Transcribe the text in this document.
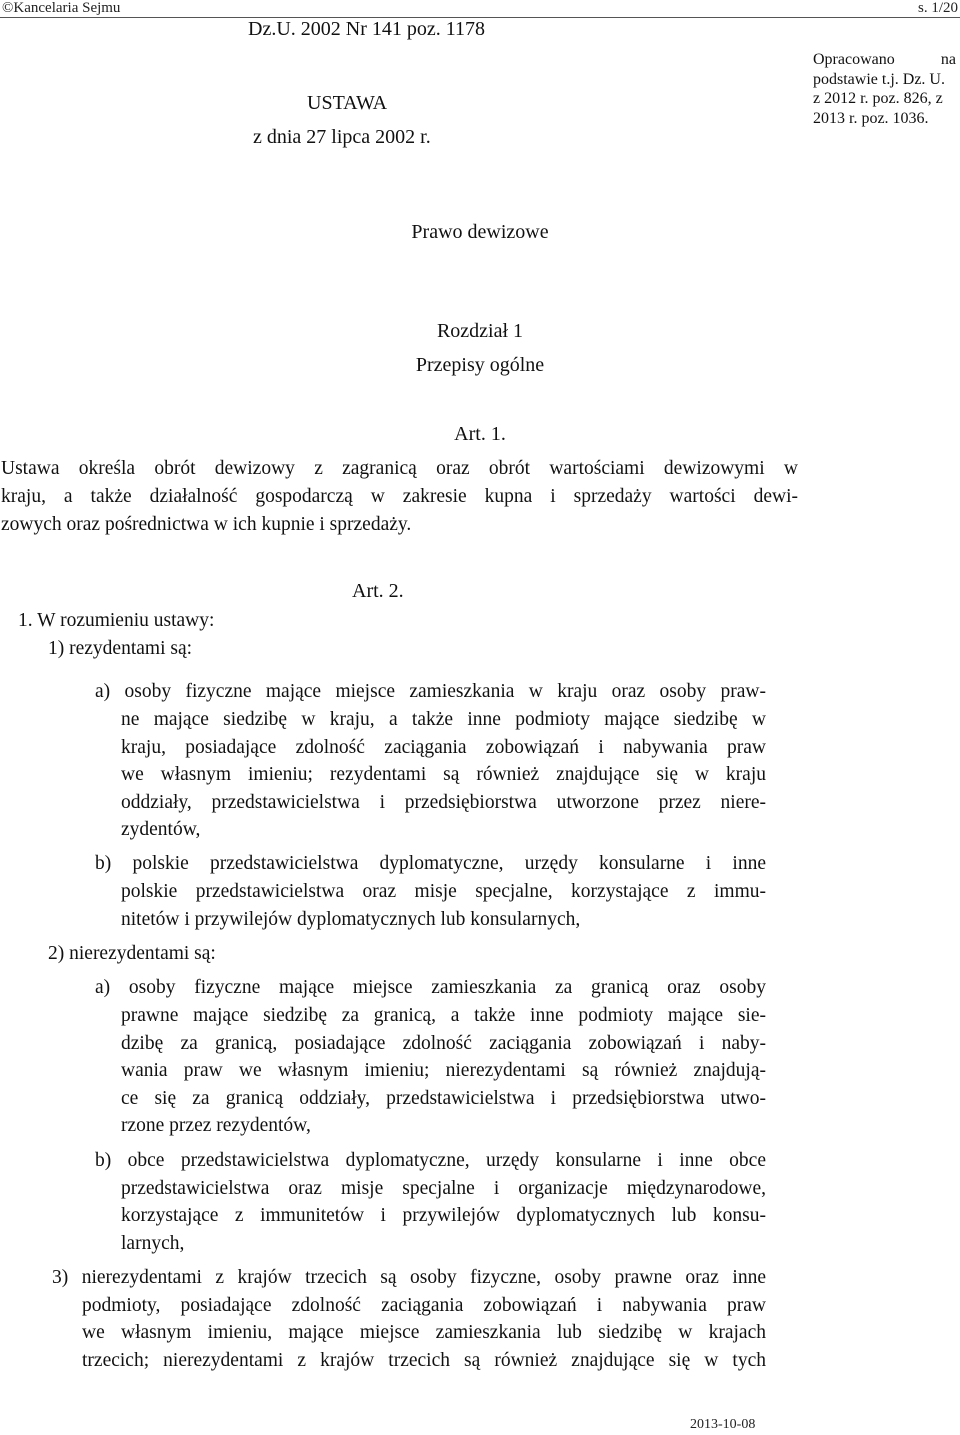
©Kancelaria Sejmu	s. 1/20
Dz.U. 2002 Nr 141 poz. 1178
USTAWA
z dnia 27 lipca 2002 r.
Opracowano na
podstawie t.j. Dz. U.
z 2012 r. poz. 826, z
2013 r. poz. 1036.
Prawo dewizowe
Rozdział 1
Przepisy ogólne
Art. 1.
Ustawa określa obrót dewizowy z zagranicą oraz obrót wartościami dewizowymi w
kraju, a także działalność gospodarczą w zakresie kupna i sprzedaży wartości dewi-
zowych oraz pośrednictwa w ich kupnie i sprzedaży.
Art. 2.
1. W rozumieniu ustawy:
1) rezydentami są:
a) osoby fizyczne mające miejsce zamieszkania w kraju oraz osoby praw-
ne mające siedzibę w kraju, a także inne podmioty mające siedzibę w
kraju, posiadające zdolność zaciągania zobowiązań i nabywania praw
we własnym imieniu; rezydentami są również znajdujące się w kraju
oddziały, przedstawicielstwa i przedsiębiorstwa utworzone przez niere-
zydentów,
b) polskie przedstawicielstwa dyplomatyczne, urzędy konsularne i inne
polskie przedstawicielstwa oraz misje specjalne, korzystające z immu-
nitetów i przywilejów dyplomatycznych lub konsularnych,
2) nierezydentami są:
a) osoby fizyczne mające miejsce zamieszkania za granicą oraz osoby
prawne mające siedzibę za granicą, a także inne podmioty mające sie-
dzibę za granicą, posiadające zdolność zaciągania zobowiązań i naby-
wania praw we własnym imieniu; nierezydentami są również znajdują-
ce się za granicą oddziały, przedstawicielstwa i przedsiębiorstwa utwo-
rzone przez rezydentów,
b) obce przedstawicielstwa dyplomatyczne, urzędy konsularne i inne obce
przedstawicielstwa oraz misje specjalne i organizacje międzynarodowe,
korzystające z immunitetów i przywilejów dyplomatycznych lub konsu-
larnych,
3) nierezydentami z krajów trzecich są osoby fizyczne, osoby prawne oraz inne
podmioty, posiadające zdolność zaciągania zobowiązań i nabywania praw
we własnym imieniu, mające miejsce zamieszkania lub siedzibę w krajach
trzecich; nierezydentami z krajów trzecich są również znajdujące się w tych
2013-10-08
